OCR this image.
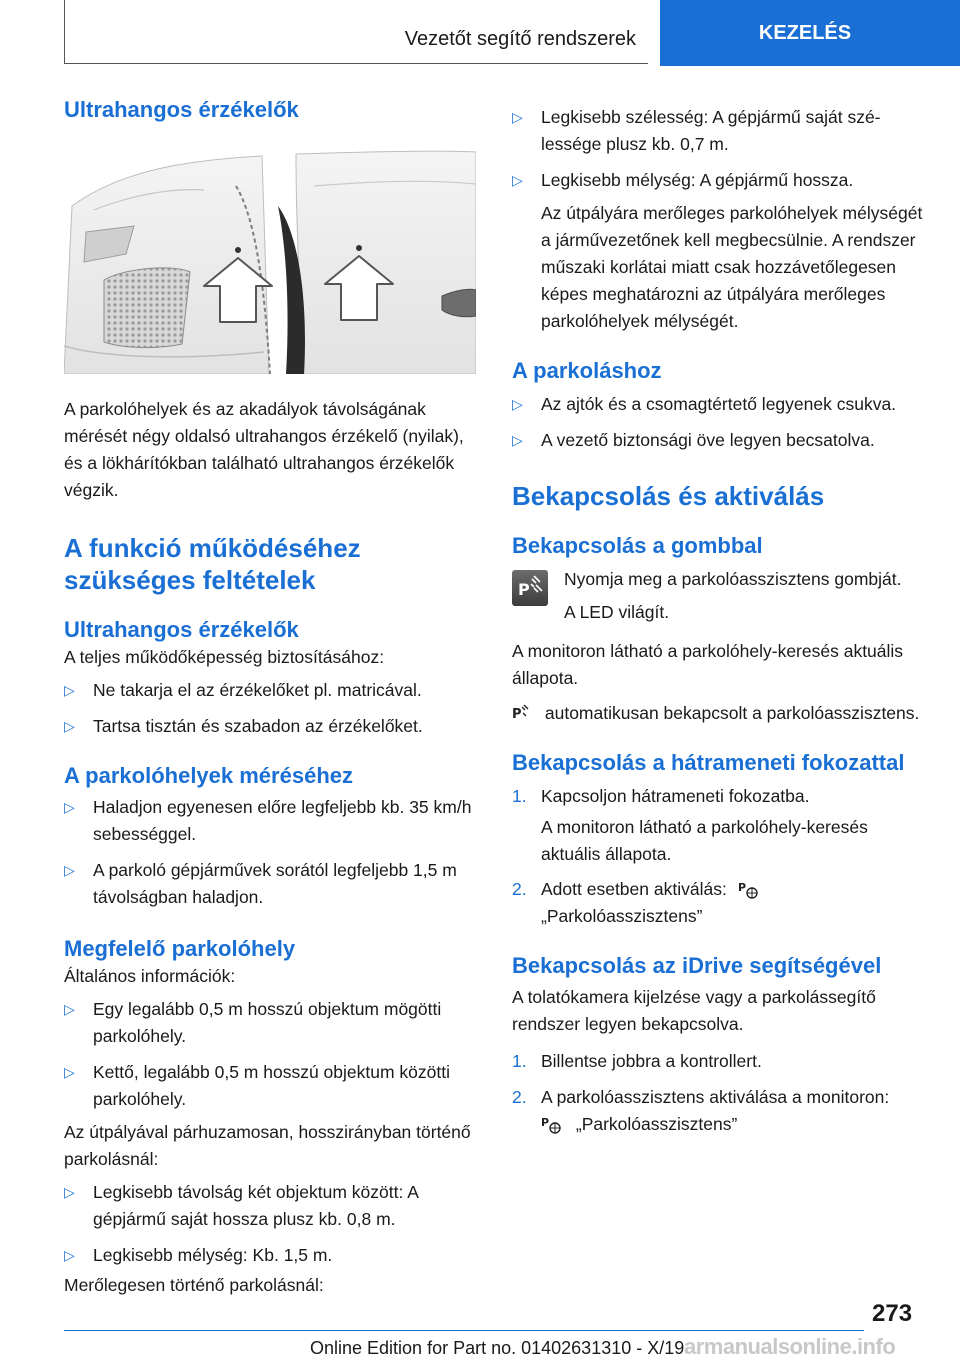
Vezetőt segítő rendszerek	KEZELÉS
Ultrahangos érzékelők

A parkolóhelyek és az akadályok távolságának mérését négy oldalsó ultrahangos érzékelő (nyilak), és a lökhárítókban található ultrahangos érzékelők végzik.

A funkció működéséhez szükséges feltételek
Ultrahangos érzékelők

A teljes működőképesség biztosításához:

▷ Ne takarja el az érzékelőket pl. matricával.
▷ Tartsa tisztán és szabadon az érzékelőket.
A parkolóhelyek méréséhez
▷ Haladjon egyenesen előre legfeljebb kb. 35 km/h sebességgel.
▷ A parkoló gépjárművek sorától legfeljebb 1,5 m távolságban haladjon.
Megfelelő parkolóhely

Általános információk:

▷ Egy legalább 0,5 m hosszú objektum mögötti parkolóhely.
▷ Kettő, legalább 0,5 m hosszú objektum közötti parkolóhely.

Az útpályával párhuzamosan, hosszirányban történő parkolásnál:

▷ Legkisebb távolság két objektum között: A gépjármű saját hossza plusz kb. 0,8 m.
▷ Legkisebb mélység: Kb. 1,5 m.

Merőlegesen történő parkolásnál:

▷ Legkisebb szélesség: A gépjármű saját szélessége plusz kb. 0,7 m.
▷ Legkisebb mélység: A gépjármű hossza.

Az útpályára merőleges parkolóhelyek mélységét a járművezetőnek kell megbecsülnie. A rendszer műszaki korlátai miatt csak hozzávetőlegesen képes meghatározni az útpályára merőleges parkolóhelyek mélységét.

A parkoláshoz
▷ Az ajtók és a csomagtértető legyenek csukva.
▷ A vezető biztonsági öve legyen becsatolva.
Bekapcsolás és aktiválás
Bekapcsolás a gombbal
P

Nyomja meg a parkolóasszisztens gombját.

A LED világít.

A monitoron látható a parkolóhely-keresés aktuális állapota.

P automatikusan bekapcsolt a parkolóasszisztens.

Bekapcsolás a hátrameneti fokozattal
1. Kapcsoljon hátrameneti fokozatba.

A monitoron látható a parkolóhely-keresés aktuális állapota.

2. Adott esetben aktiválás: P

„Parkolóasszisztens”

Bekapcsolás az iDrive segítségével

A tolatókamera kijelzése vagy a parkolássegítő rendszer legyen bekapcsolva.

1. Billentse jobbra a kontrollert.
2. A parkolóasszisztens aktiválása a monitoron:

P „Parkolóasszisztens”

273
Online Edition for Part no. 01402631310 - X/19 armanualsonline.info
